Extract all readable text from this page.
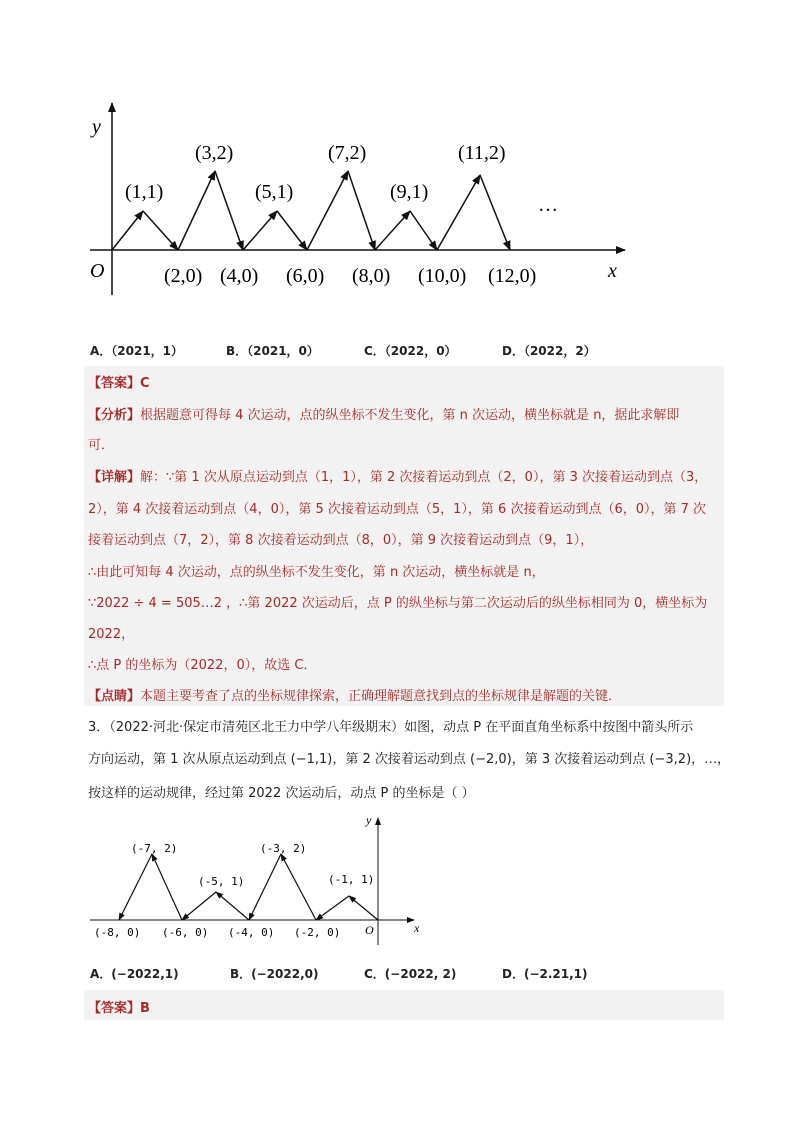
y
x
O
(1,1)
(3,2)
(5,1)
(7,2)
(9,1)
(11,2)
…
(2,0) (4,0) (6,0) (8,0) (10,0) (12,0)
A．（2021，1）	B．（2021，0）	C．（2022，0）	D．（2022，2）
【答案】C
【分析】根据题意可得每 4 次运动，点的纵坐标不发生变化，第 n 次运动，横坐标就是 n，据此求解即
可．
【详解】解：∵第 1 次从原点运动到点（1，1），第 2 次接着运动到点（2，0），第 3 次接着运动到点（3，
2），第 4 次接着运动到点（4，0），第 5 次接着运动到点（5，1），第 6 次接着运动到点（6，0），第 7 次
接着运动到点（7，2），第 8 次接着运动到点（8，0），第 9 次接着运动到点（9，1），
∴由此可知每 4 次运动，点的纵坐标不发生变化，第 n 次运动，横坐标就是 n，
∵2022 ÷ 4 = 505…2 ，∴第 2022 次运动后，点 P 的纵坐标与第二次运动后的纵坐标相同为 0，横坐标为
2022，
∴点 P 的坐标为（2022，0），故选 C．
【点睛】本题主要考查了点的坐标规律探索，正确理解题意找到点的坐标规律是解题的关键．
3．（2022·河北·保定市清苑区北王力中学八年级期末）如图，动点 P 在平面直角坐标系中按图中箭头所示
方向运动，第 1 次从原点运动到点 (−1,1)，第 2 次接着运动到点 (−2,0)，第 3 次接着运动到点 (−3,2)，…，
按这样的运动规律，经过第 2022 次运动后，动点 P 的坐标是（ ）
y
x
O
(-7, 2)
(-5, 1)
(-3, 2)
(-1, 1)
(-8, 0) (-6, 0) (-4, 0) (-2, 0)
A．(−2022,1)	B．(−2022,0)	C．(−2022, 2)	D．(−2.21,1)
【答案】B
